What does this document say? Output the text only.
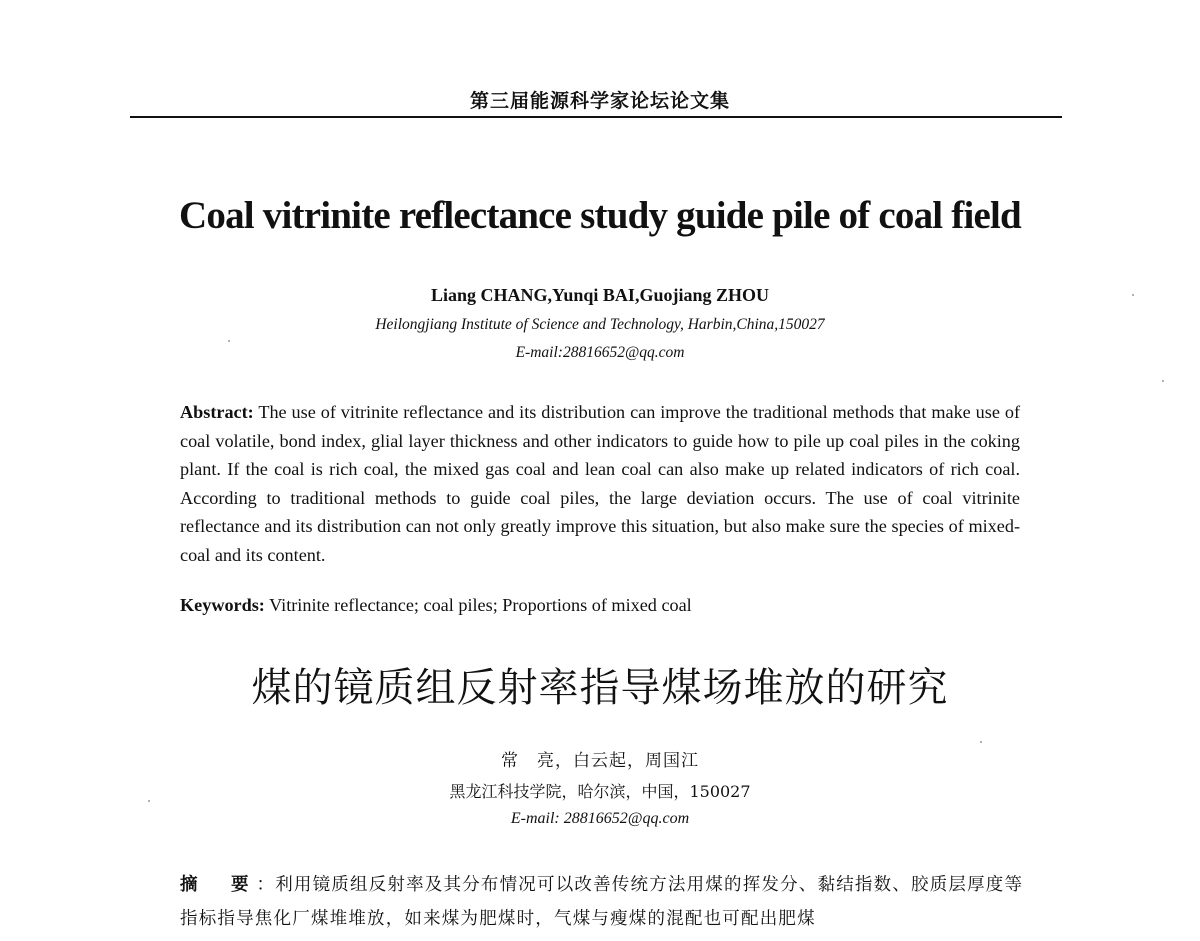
第三届能源科学家论坛论文集
Coal vitrinite reflectance study guide pile of coal field
Liang CHANG,Yunqi BAI,Guojiang ZHOU
Heilongjiang Institute of Science and Technology, Harbin,China,150027
E-mail:28816652@qq.com
Abstract: The use of vitrinite reflectance and its distribution can improve the traditional methods that make use of coal volatile, bond index, glial layer thickness and other indicators to guide how to pile up coal piles in the coking plant. If the coal is rich coal, the mixed gas coal and lean coal can also make up related indicators of rich coal. According to traditional methods to guide coal piles, the large deviation occurs. The use of coal vitrinite reflectance and its distribution can not only greatly improve this situation, but also make sure the species of mixed-coal and its content.
Keywords: Vitrinite reflectance; coal piles; Proportions of mixed coal
煤的镜质组反射率指导煤场堆放的研究
常　亮，白云起，周国江
黑龙江科技学院，哈尔滨，中国，150027
E-mail: 28816652@qq.com
摘　要：利用镜质组反射率及其分布情况可以改善传统方法用煤的挥发分、黏结指数、胶质层厚度等指标指导焦化厂煤堆堆放，如来煤为肥煤时，气煤与瘦煤的混配也可配出肥煤
